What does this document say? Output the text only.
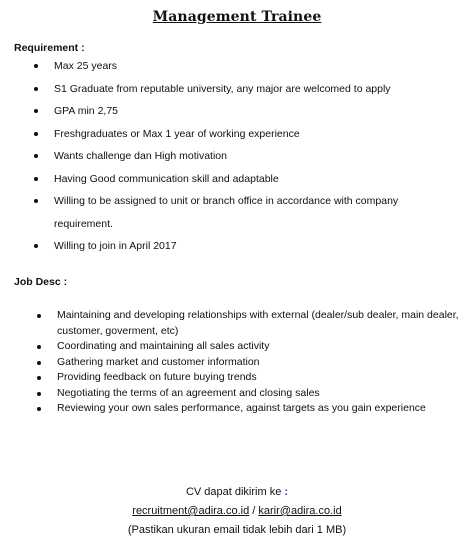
Management Trainee
Requirement :
Max 25 years
S1 Graduate from reputable university, any major are welcomed to apply
GPA min 2,75
Freshgraduates or Max 1 year of working experience
Wants challenge dan High motivation
Having Good communication skill and adaptable
Willing to be assigned to unit or branch office in accordance with company requirement.
Willing to join in April 2017
Job Desc :
Maintaining and developing relationships with external (dealer/sub dealer, main dealer, customer, goverment, etc)
Coordinating and maintaining all sales activity
Gathering market and customer information
Providing feedback on future buying trends
Negotiating the terms of an agreement and closing sales
Reviewing your own sales performance, against targets as you gain experience
CV dapat dikirim ke :
recruitment@adira.co.id / karir@adira.co.id
(Pastikan ukuran email tidak lebih dari 1 MB)
